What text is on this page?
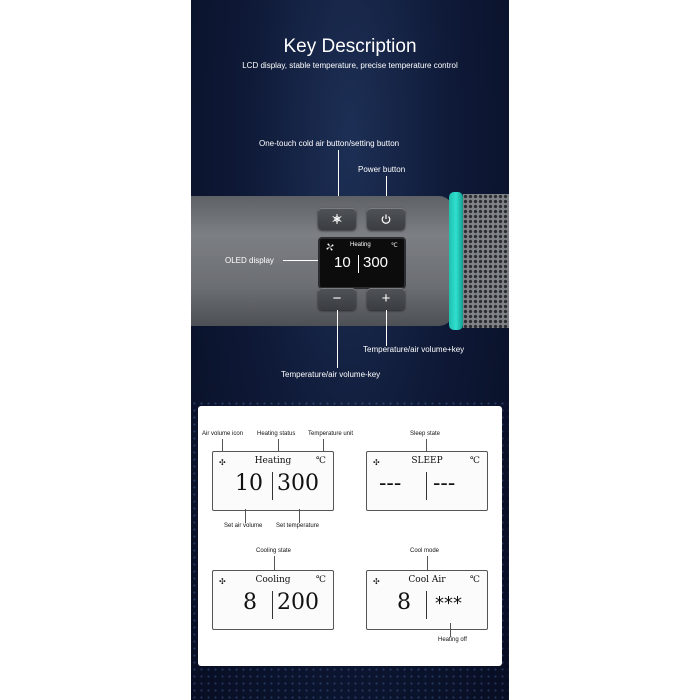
Key Description
LCD display, stable temperature, precise temperature control
One-touch cold air button/setting button
Power button
Heating	℃
10 300
OLED display
−	+
Temperature/air volume+key
Temperature/air volume-key
Air volume icon Heating status Temperature unit
✣	Heating	℃
10 300
Set air volume Set temperature
Sleep state
✣	SLEEP	℃
--- ---
Cooling state
✣	Cooling	℃
8 200
Cool mode
✣	Cool Air	℃
8 ***
Heating off
